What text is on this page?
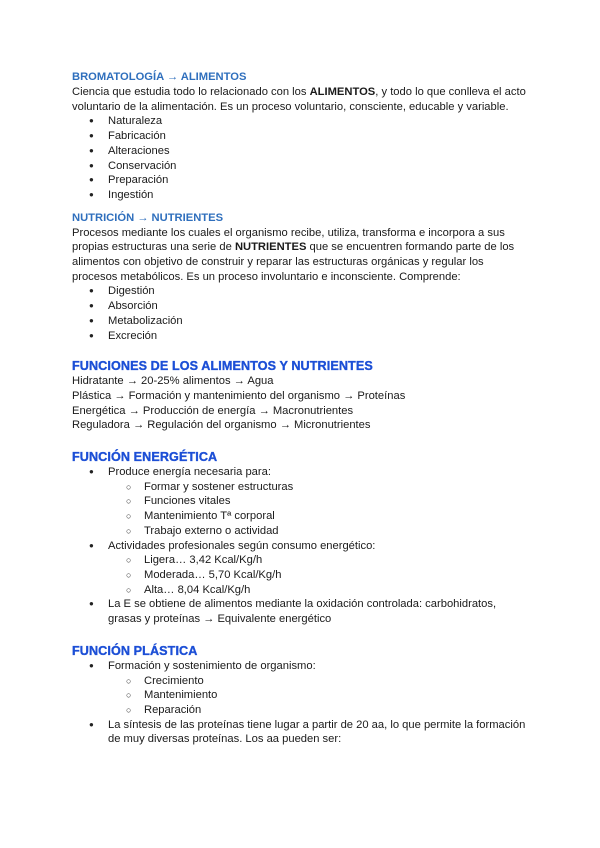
BROMATOLOGÍA → ALIMENTOS

Ciencia que estudia todo lo relacionado con los ALIMENTOS, y todo lo que conlleva el acto voluntario de la alimentación. Es un proceso voluntario, consciente, educable y variable.

● Naturaleza
● Fabricación
● Alteraciones
● Conservación
● Preparación
● Ingestión
NUTRICIÓN → NUTRIENTES

Procesos mediante los cuales el organismo recibe, utiliza, transforma e incorpora a sus propias estructuras una serie de NUTRIENTES que se encuentren formando parte de los alimentos con objetivo de construir y reparar las estructuras orgánicas y regular los procesos metabólicos. Es un proceso involuntario e inconsciente. Comprende:

● Digestión
● Absorción
● Metabolización
● Excreción
FUNCIONES DE LOS ALIMENTOS Y NUTRIENTES

Hidratante → 20-25% alimentos → Agua

Plástica → Formación y mantenimiento del organismo → Proteínas

Energética → Producción de energía → Macronutrientes

Reguladora → Regulación del organismo → Micronutrientes

FUNCIÓN ENERGÉTICA
● Produce energía necesaria para:
○ Formar y sostener estructuras
○ Funciones vitales
○ Mantenimiento Tª corporal
○ Trabajo externo o actividad
● Actividades profesionales según consumo energético:
○ Ligera… 3,42 Kcal/Kg/h
○ Moderada… 5,70 Kcal/Kg/h
○ Alta… 8,04 Kcal/Kg/h
● La E se obtiene de alimentos mediante la oxidación controlada: carbohidratos, grasas y proteínas → Equivalente energético
FUNCIÓN PLÁSTICA
● Formación y sostenimiento de organismo:
○ Crecimiento
○ Mantenimiento
○ Reparación
● La síntesis de las proteínas tiene lugar a partir de 20 aa, lo que permite la formación de muy diversas proteínas. Los aa pueden ser:
